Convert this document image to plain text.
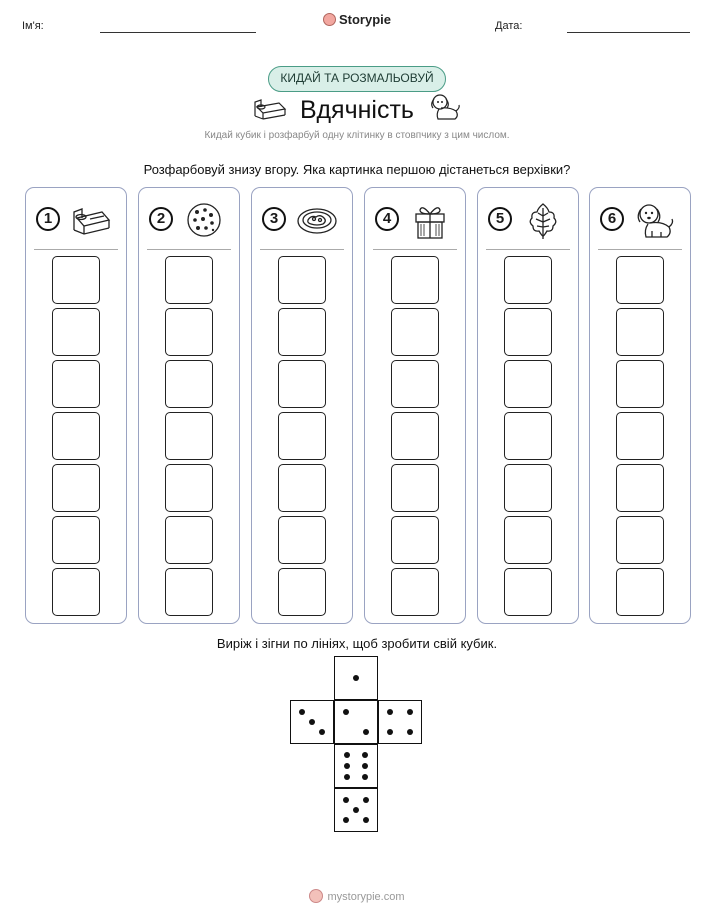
Ім'я:	Storypie	Дата:
КИДАЙ ТА РОЗМАЛЬОВУЙ
Вдячність
Кидай кубик і розфарбуй одну клітинку в стовпчику з цим числом.
Розфарбовуй знизу вгору. Яка картинка першою дістанеться верхівки?
1	2	3	4	5	6
Виріж і зігни по лініях, щоб зробити свій кубик.
mystorypie.com
